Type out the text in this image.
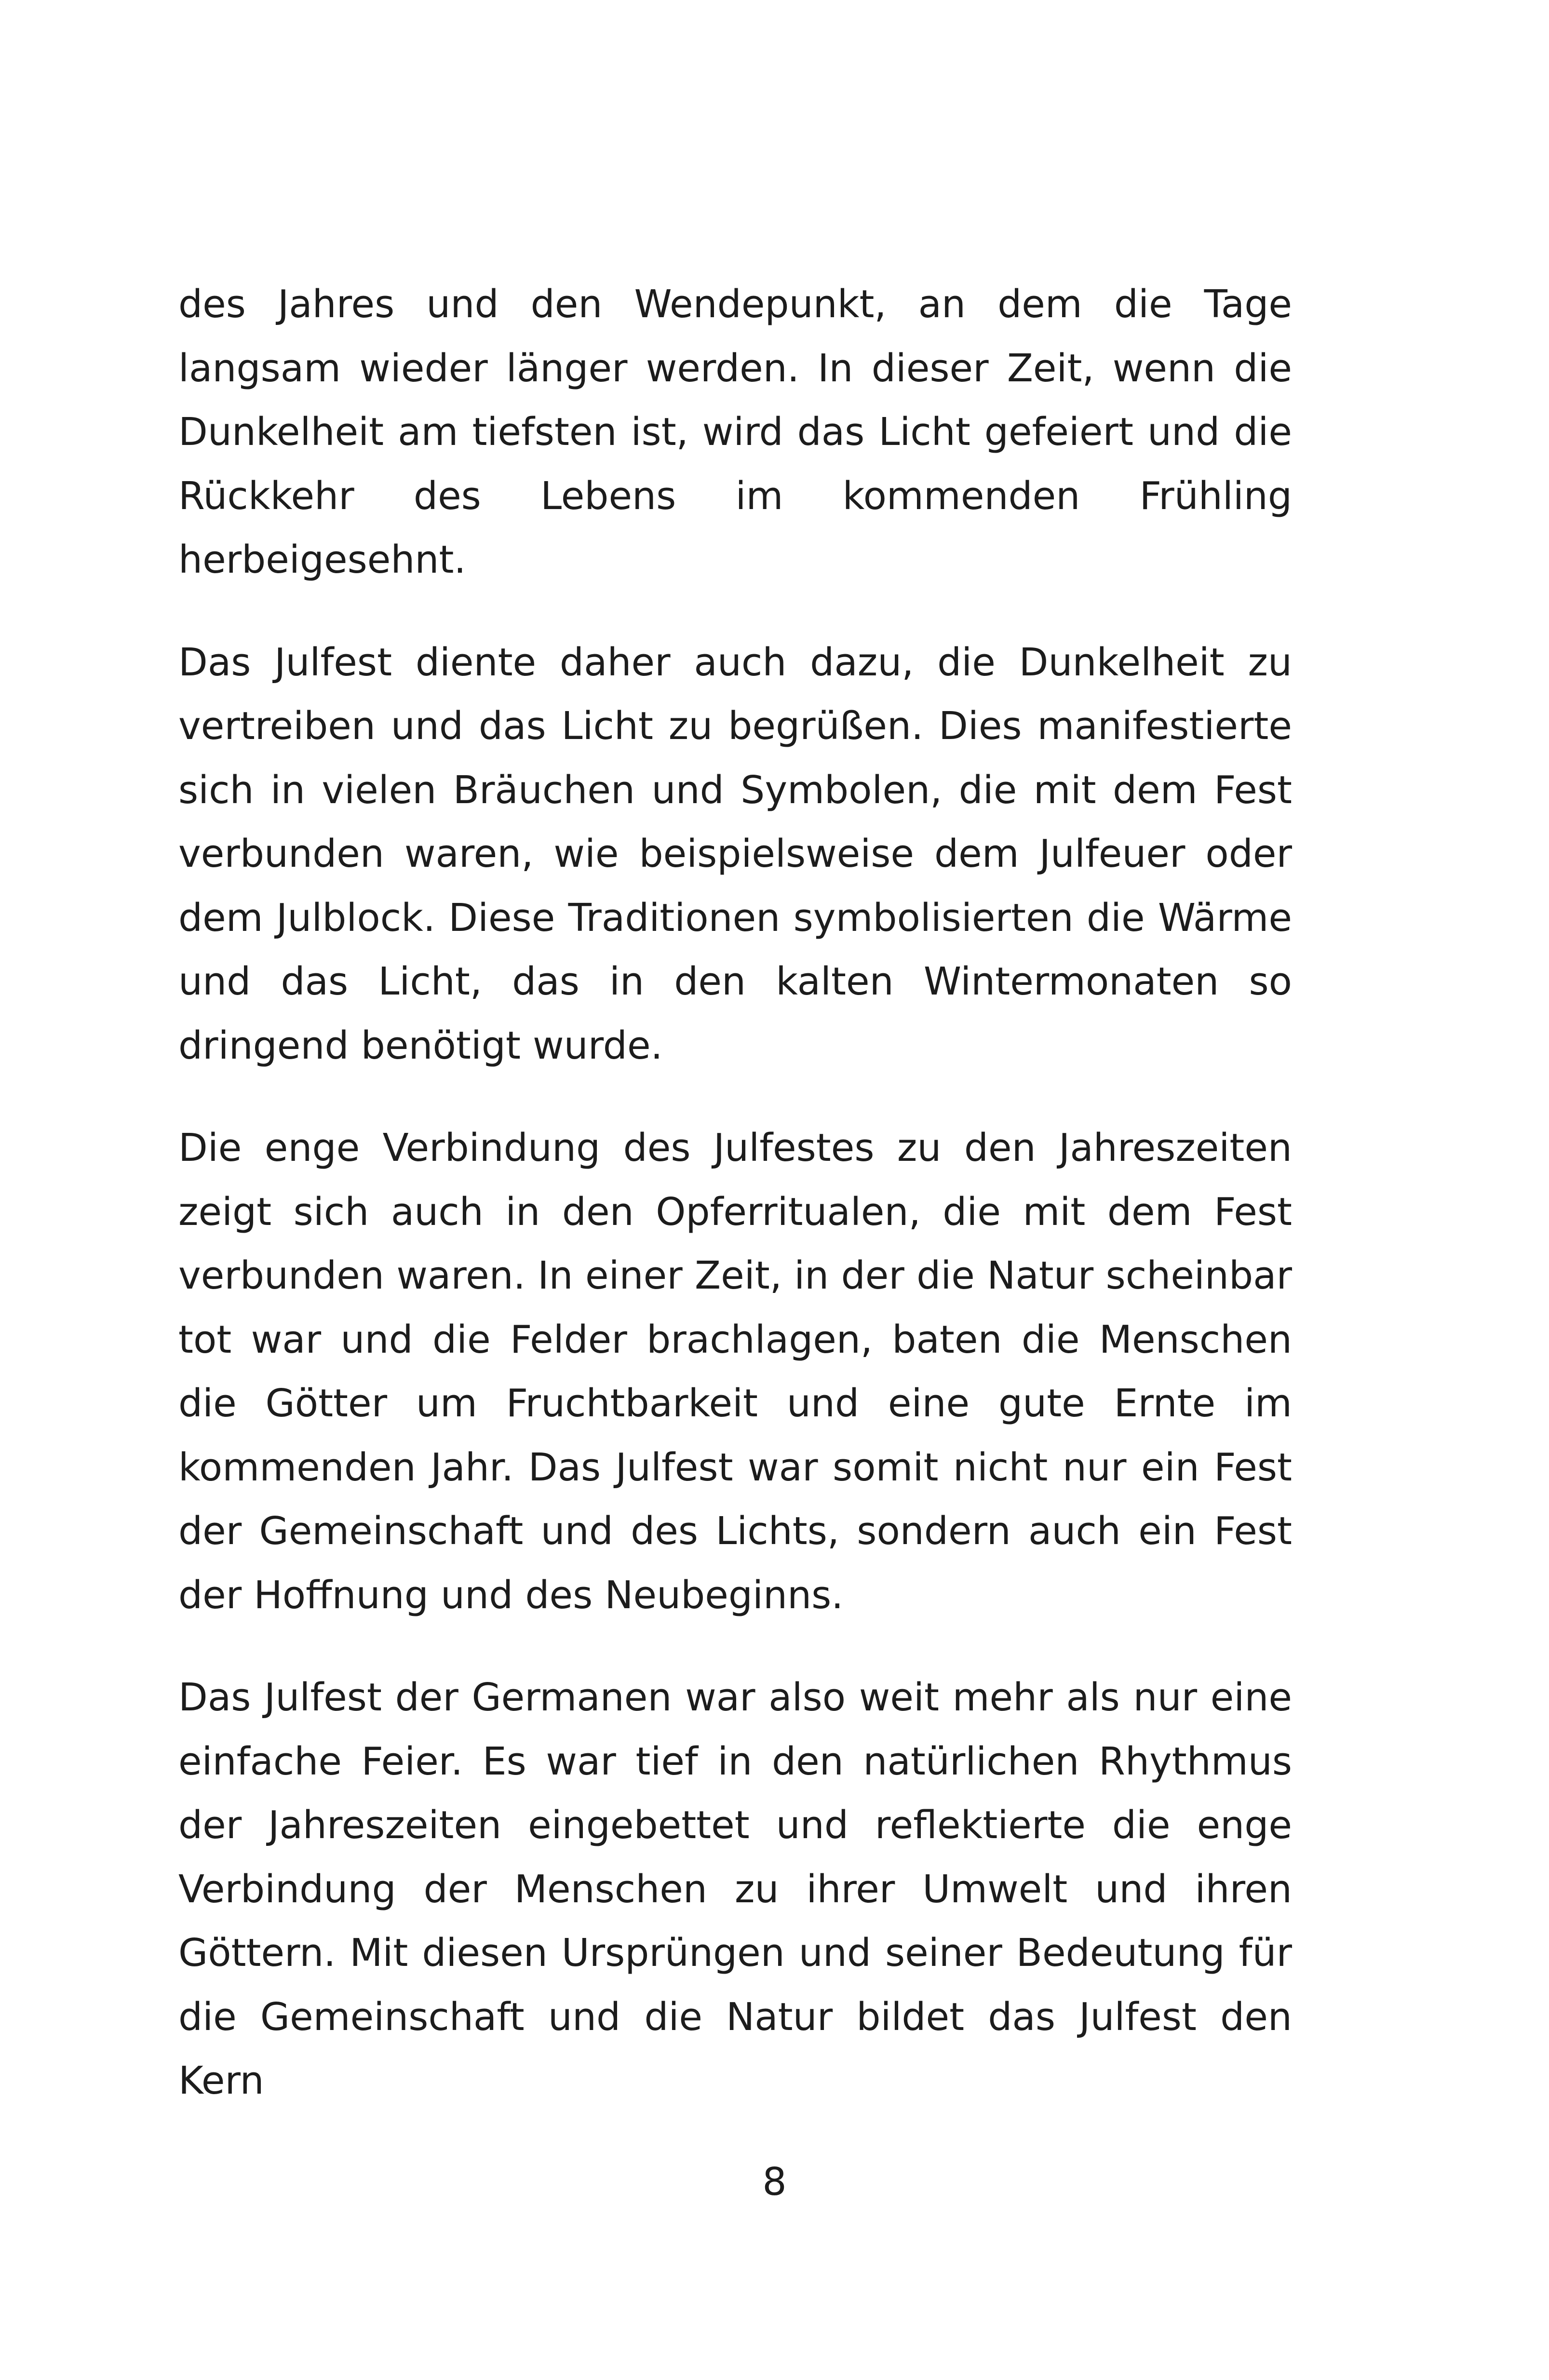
des Jahres und den Wendepunkt, an dem die Tage langsam wieder länger werden. In dieser Zeit, wenn die Dunkelheit am tiefsten ist, wird das Licht gefeiert und die Rückkehr des Lebens im kommenden Frühling herbeigesehnt.

Das Julfest diente daher auch dazu, die Dunkelheit zu vertreiben und das Licht zu begrüßen. Dies manifestierte sich in vielen Bräuchen und Symbolen, die mit dem Fest verbunden waren, wie beispielsweise dem Julfeuer oder dem Julblock. Diese Traditionen symbolisierten die Wärme und das Licht, das in den kalten Wintermonaten so dringend benötigt wurde.

Die enge Verbindung des Julfestes zu den Jahreszeiten zeigt sich auch in den Opferritualen, die mit dem Fest verbunden waren. In einer Zeit, in der die Natur scheinbar tot war und die Felder brachlagen, baten die Menschen die Götter um Fruchtbarkeit und eine gute Ernte im kommenden Jahr. Das Julfest war somit nicht nur ein Fest der Gemeinschaft und des Lichts, sondern auch ein Fest der Hoffnung und des Neubeginns.

Das Julfest der Germanen war also weit mehr als nur eine einfache Feier. Es war tief in den natürlichen Rhythmus der Jahreszeiten eingebettet und reflektierte die enge Verbindung der Menschen zu ihrer Umwelt und ihren Göttern. Mit diesen Ursprüngen und seiner Bedeutung für die Gemeinschaft und die Natur bildet das Julfest den Kern

8
